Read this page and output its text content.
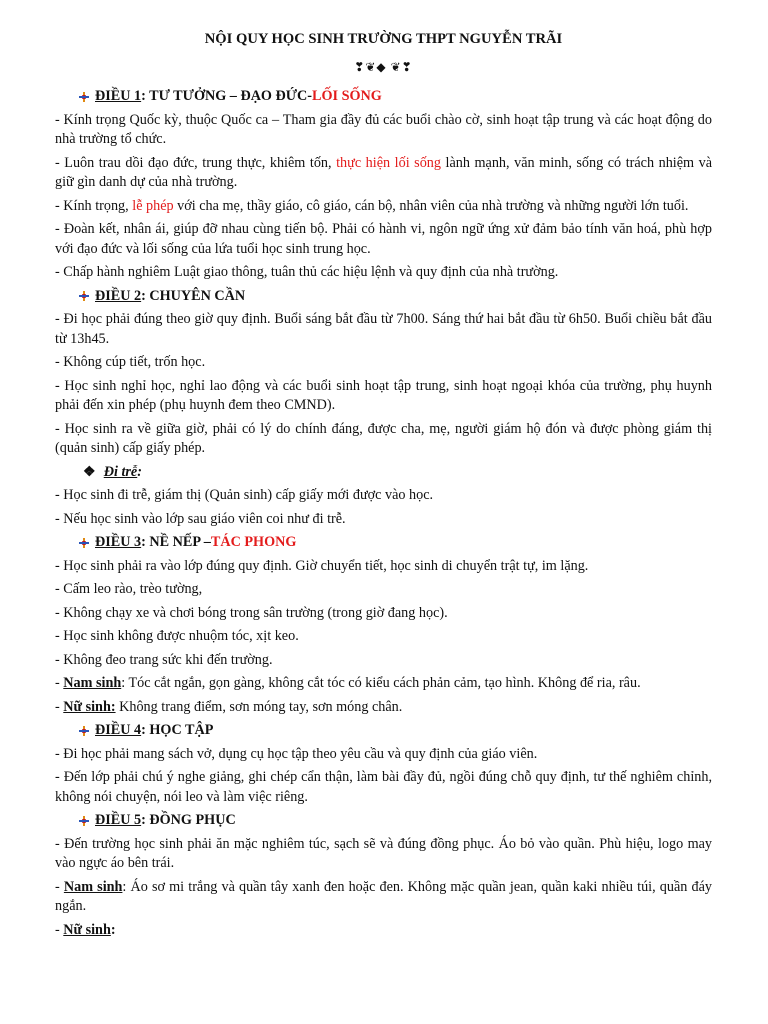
NỘI QUY HỌC SINH TRƯỜNG THPT NGUYỄN TRÃI
❣❦◆ ❦❣
ĐIỀU 1 : TƯ TƯỞNG – ĐẠO ĐỨC- LỐI SỐNG

- Kính trọng Quốc kỳ, thuộc Quốc ca – Tham gia đầy đủ các buổi chào cờ, sinh hoạt tập trung và các hoạt động do nhà trường tổ chức.

- Luôn trau dồi đạo đức, trung thực, khiêm tốn, thực hiện lối sống lành mạnh, văn minh, sống có trách nhiệm và giữ gìn danh dự của nhà trường.

- Kính trọng, lễ phép với cha mẹ, thầy giáo, cô giáo, cán bộ, nhân viên của nhà trường và những người lớn tuổi.

- Đoàn kết, nhân ái, giúp đỡ nhau cùng tiến bộ. Phải có hành vi, ngôn ngữ ứng xử đảm bảo tính văn hoá, phù hợp với đạo đức và lối sống của lứa tuổi học sinh trung học.

- Chấp hành nghiêm Luật giao thông, tuân thủ các hiệu lệnh và quy định của nhà trường.

ĐIỀU 2 : CHUYÊN CẦN

- Đi học phải đúng theo giờ quy định. Buổi sáng bắt đầu từ 7h00. Sáng thứ hai bắt đầu từ 6h50. Buổi chiều bắt đầu từ 13h45.

- Không cúp tiết, trốn học.

- Học sinh nghỉ học, nghỉ lao động và các buổi sinh hoạt tập trung, sinh hoạt ngoại khóa của trường, phụ huynh phải đến xin phép (phụ huynh đem theo CMND).

- Học sinh ra về giữa giờ, phải có lý do chính đáng, được cha, mẹ, người giám hộ đón và được phòng giám thị (quản sinh) cấp giấy phép.

❖ Đi trễ:

- Học sinh đi trễ, giám thị (Quản sinh) cấp giấy mới được vào học.

- Nếu học sinh vào lớp sau giáo viên coi như đi trễ.

ĐIỀU 3 : NỀ NẾP – TÁC PHONG

- Học sinh phải ra vào lớp đúng quy định. Giờ chuyển tiết, học sinh di chuyển trật tự, im lặng.

- Cấm leo rào, trèo tường,

- Không chạy xe và chơi bóng trong sân trường (trong giờ đang học).

- Học sinh không được nhuộm tóc, xịt keo.

- Không đeo trang sức khi đến trường.

- Nam sinh: Tóc cắt ngắn, gọn gàng, không cắt tóc có kiểu cách phản cảm, tạo hình. Không để ria, râu.

- Nữ sinh: Không trang điểm, sơn móng tay, sơn móng chân.

ĐIỀU 4 : HỌC TẬP

- Đi học phải mang sách vở, dụng cụ học tập theo yêu cầu và quy định của giáo viên.

- Đến lớp phải chú ý nghe giảng, ghi chép cẩn thận, làm bài đầy đủ, ngồi đúng chỗ quy định, tư thế nghiêm chỉnh, không nói chuyện, nói leo và làm việc riêng.

ĐIỀU 5 : ĐỒNG PHỤC

- Đến trường học sinh phải ăn mặc nghiêm túc, sạch sẽ và đúng đồng phục. Áo bỏ vào quần. Phù hiệu, logo may vào ngực áo bên trái.

- Nam sinh: Áo sơ mi trắng và quần tây xanh đen hoặc đen. Không mặc quần jean, quần kaki nhiều túi, quần đáy ngắn.

- Nữ sinh:
